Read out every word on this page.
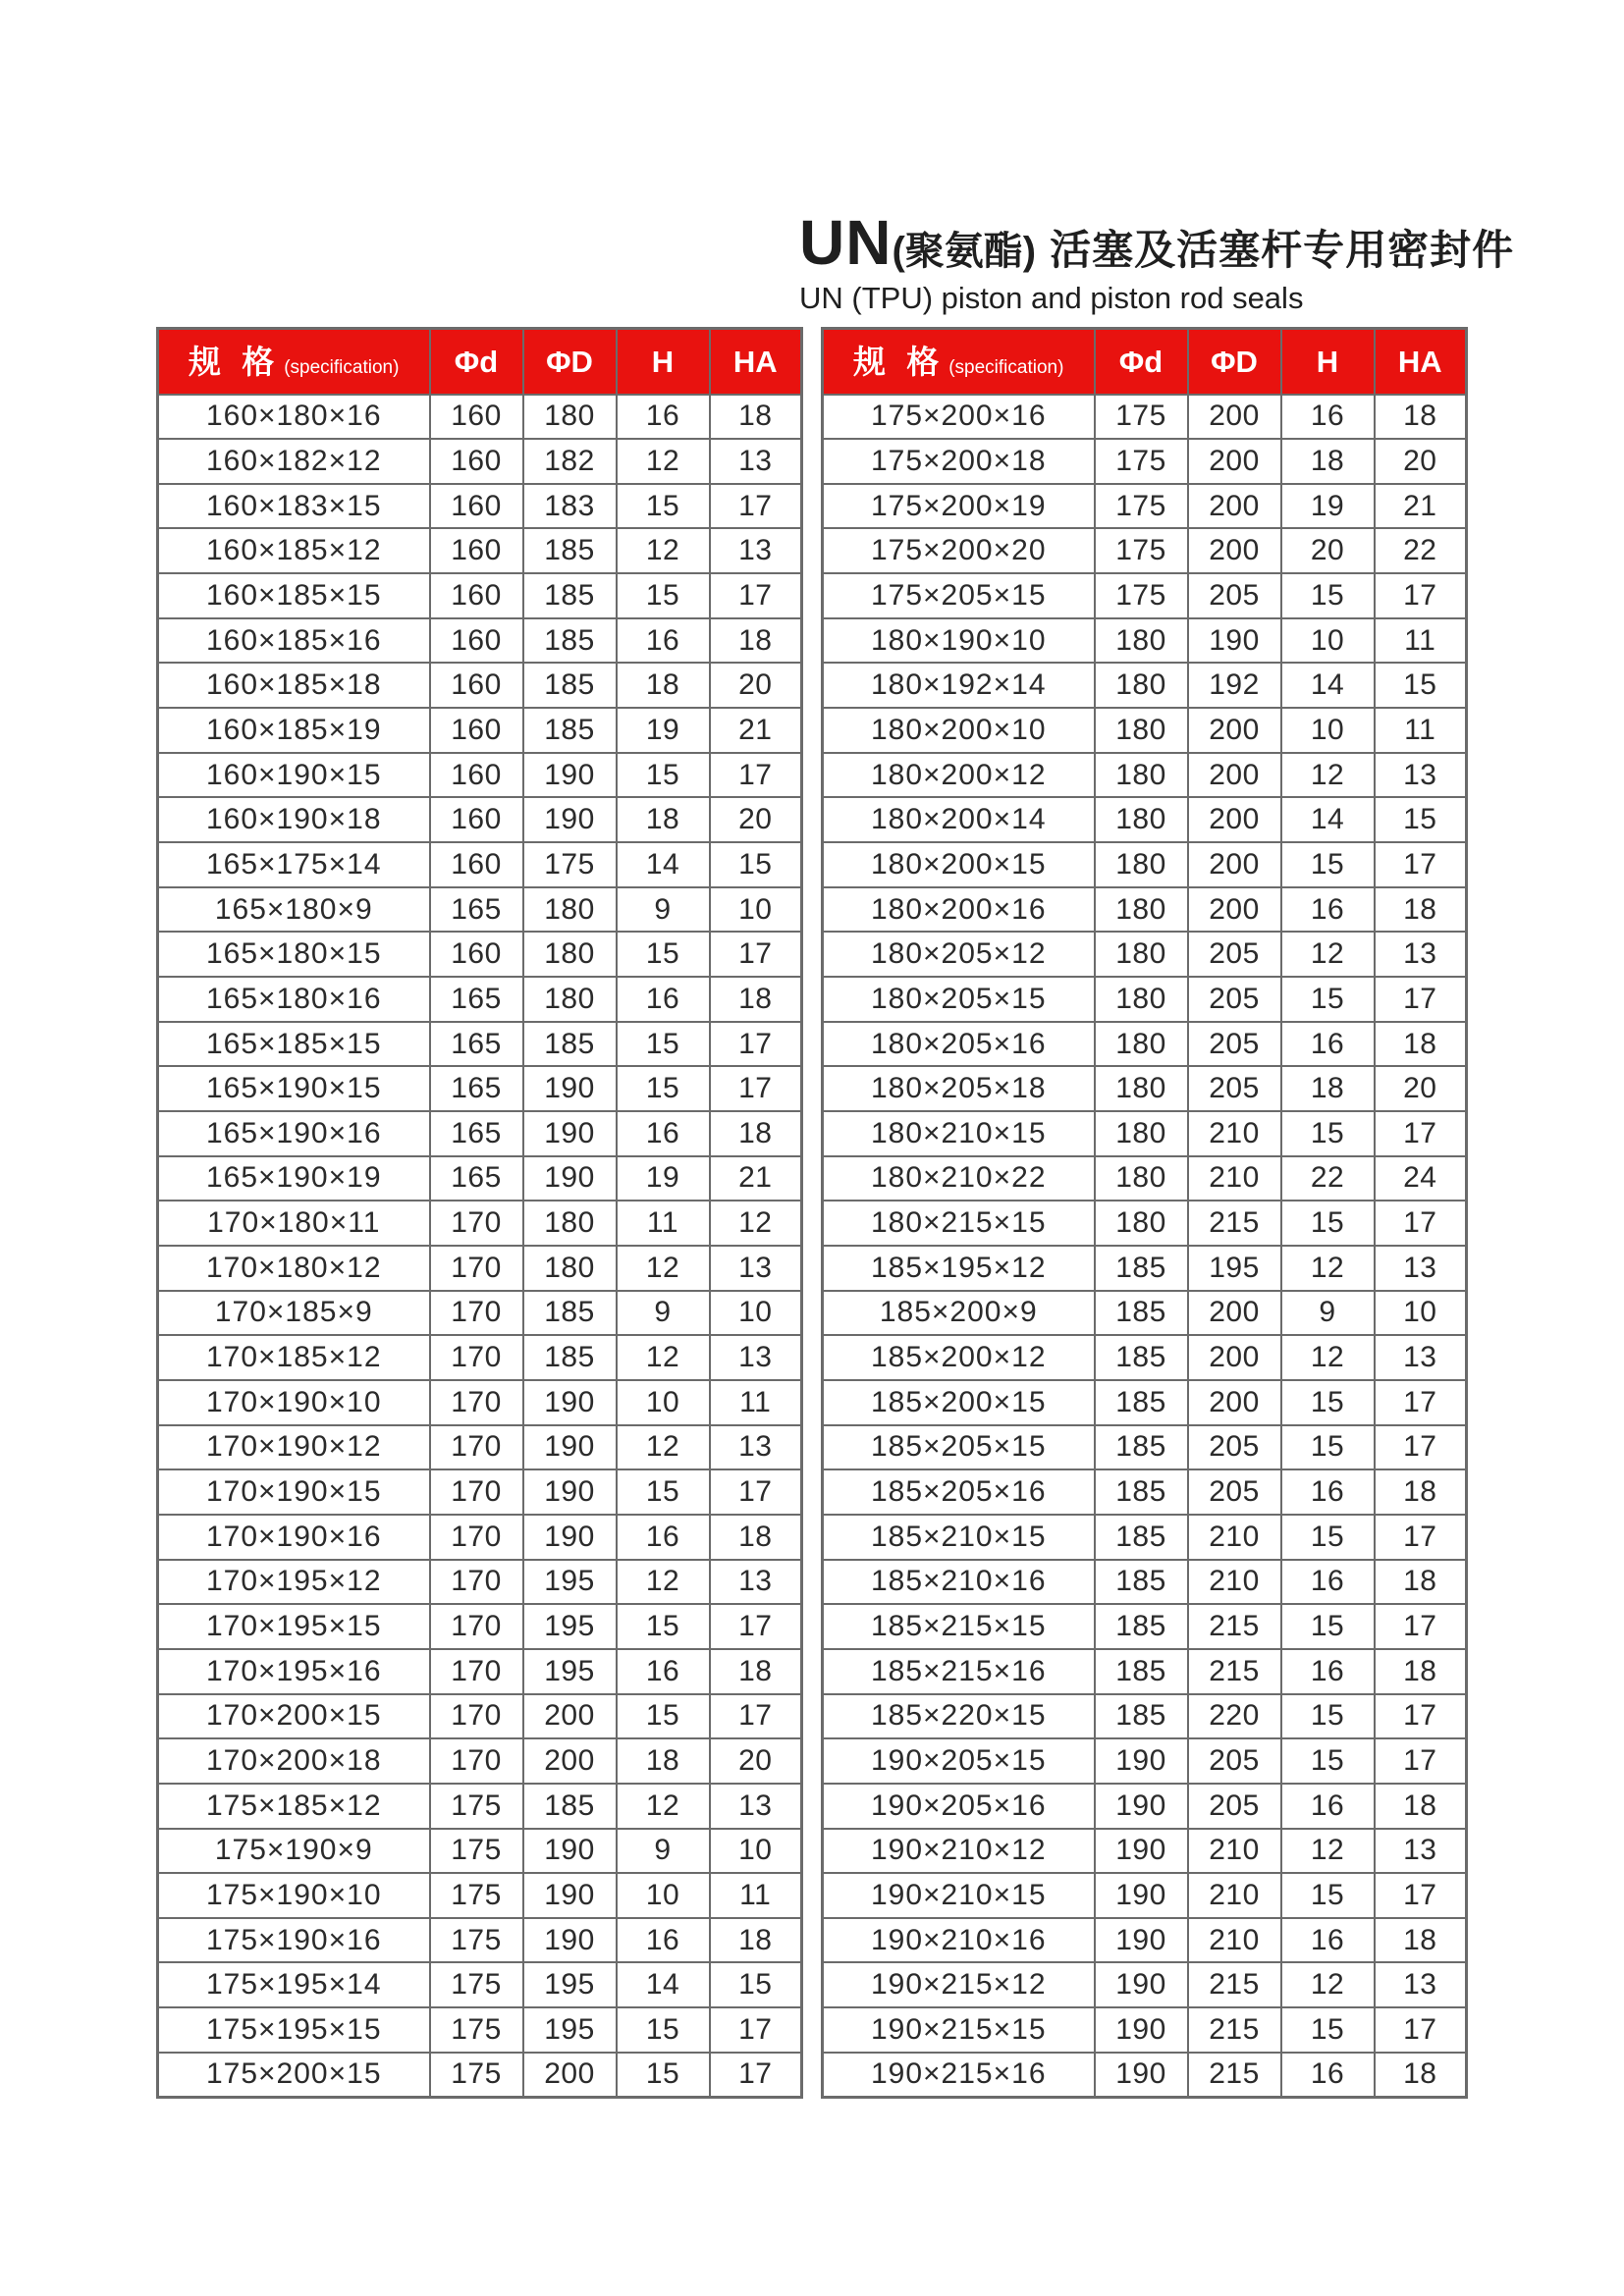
UN (聚氨酯) 活塞及活塞杆专用密封件
UN (TPU) piston and piston rod seals
规 格 (specification)	Φd	ΦD	H	HA
160×180×16	160	180	16	18
160×182×12	160	182	12	13
160×183×15	160	183	15	17
160×185×12	160	185	12	13
160×185×15	160	185	15	17
160×185×16	160	185	16	18
160×185×18	160	185	18	20
160×185×19	160	185	19	21
160×190×15	160	190	15	17
160×190×18	160	190	18	20
165×175×14	160	175	14	15
165×180×9	165	180	9	10
165×180×15	160	180	15	17
165×180×16	165	180	16	18
165×185×15	165	185	15	17
165×190×15	165	190	15	17
165×190×16	165	190	16	18
165×190×19	165	190	19	21
170×180×11	170	180	11	12
170×180×12	170	180	12	13
170×185×9	170	185	9	10
170×185×12	170	185	12	13
170×190×10	170	190	10	11
170×190×12	170	190	12	13
170×190×15	170	190	15	17
170×190×16	170	190	16	18
170×195×12	170	195	12	13
170×195×15	170	195	15	17
170×195×16	170	195	16	18
170×200×15	170	200	15	17
170×200×18	170	200	18	20
175×185×12	175	185	12	13
175×190×9	175	190	9	10
175×190×10	175	190	10	11
175×190×16	175	190	16	18
175×195×14	175	195	14	15
175×195×15	175	195	15	17
175×200×15	175	200	15	17
规 格 (specification)	Φd	ΦD	H	HA
175×200×16	175	200	16	18
175×200×18	175	200	18	20
175×200×19	175	200	19	21
175×200×20	175	200	20	22
175×205×15	175	205	15	17
180×190×10	180	190	10	11
180×192×14	180	192	14	15
180×200×10	180	200	10	11
180×200×12	180	200	12	13
180×200×14	180	200	14	15
180×200×15	180	200	15	17
180×200×16	180	200	16	18
180×205×12	180	205	12	13
180×205×15	180	205	15	17
180×205×16	180	205	16	18
180×205×18	180	205	18	20
180×210×15	180	210	15	17
180×210×22	180	210	22	24
180×215×15	180	215	15	17
185×195×12	185	195	12	13
185×200×9	185	200	9	10
185×200×12	185	200	12	13
185×200×15	185	200	15	17
185×205×15	185	205	15	17
185×205×16	185	205	16	18
185×210×15	185	210	15	17
185×210×16	185	210	16	18
185×215×15	185	215	15	17
185×215×16	185	215	16	18
185×220×15	185	220	15	17
190×205×15	190	205	15	17
190×205×16	190	205	16	18
190×210×12	190	210	12	13
190×210×15	190	210	15	17
190×210×16	190	210	16	18
190×215×12	190	215	12	13
190×215×15	190	215	15	17
190×215×16	190	215	16	18
